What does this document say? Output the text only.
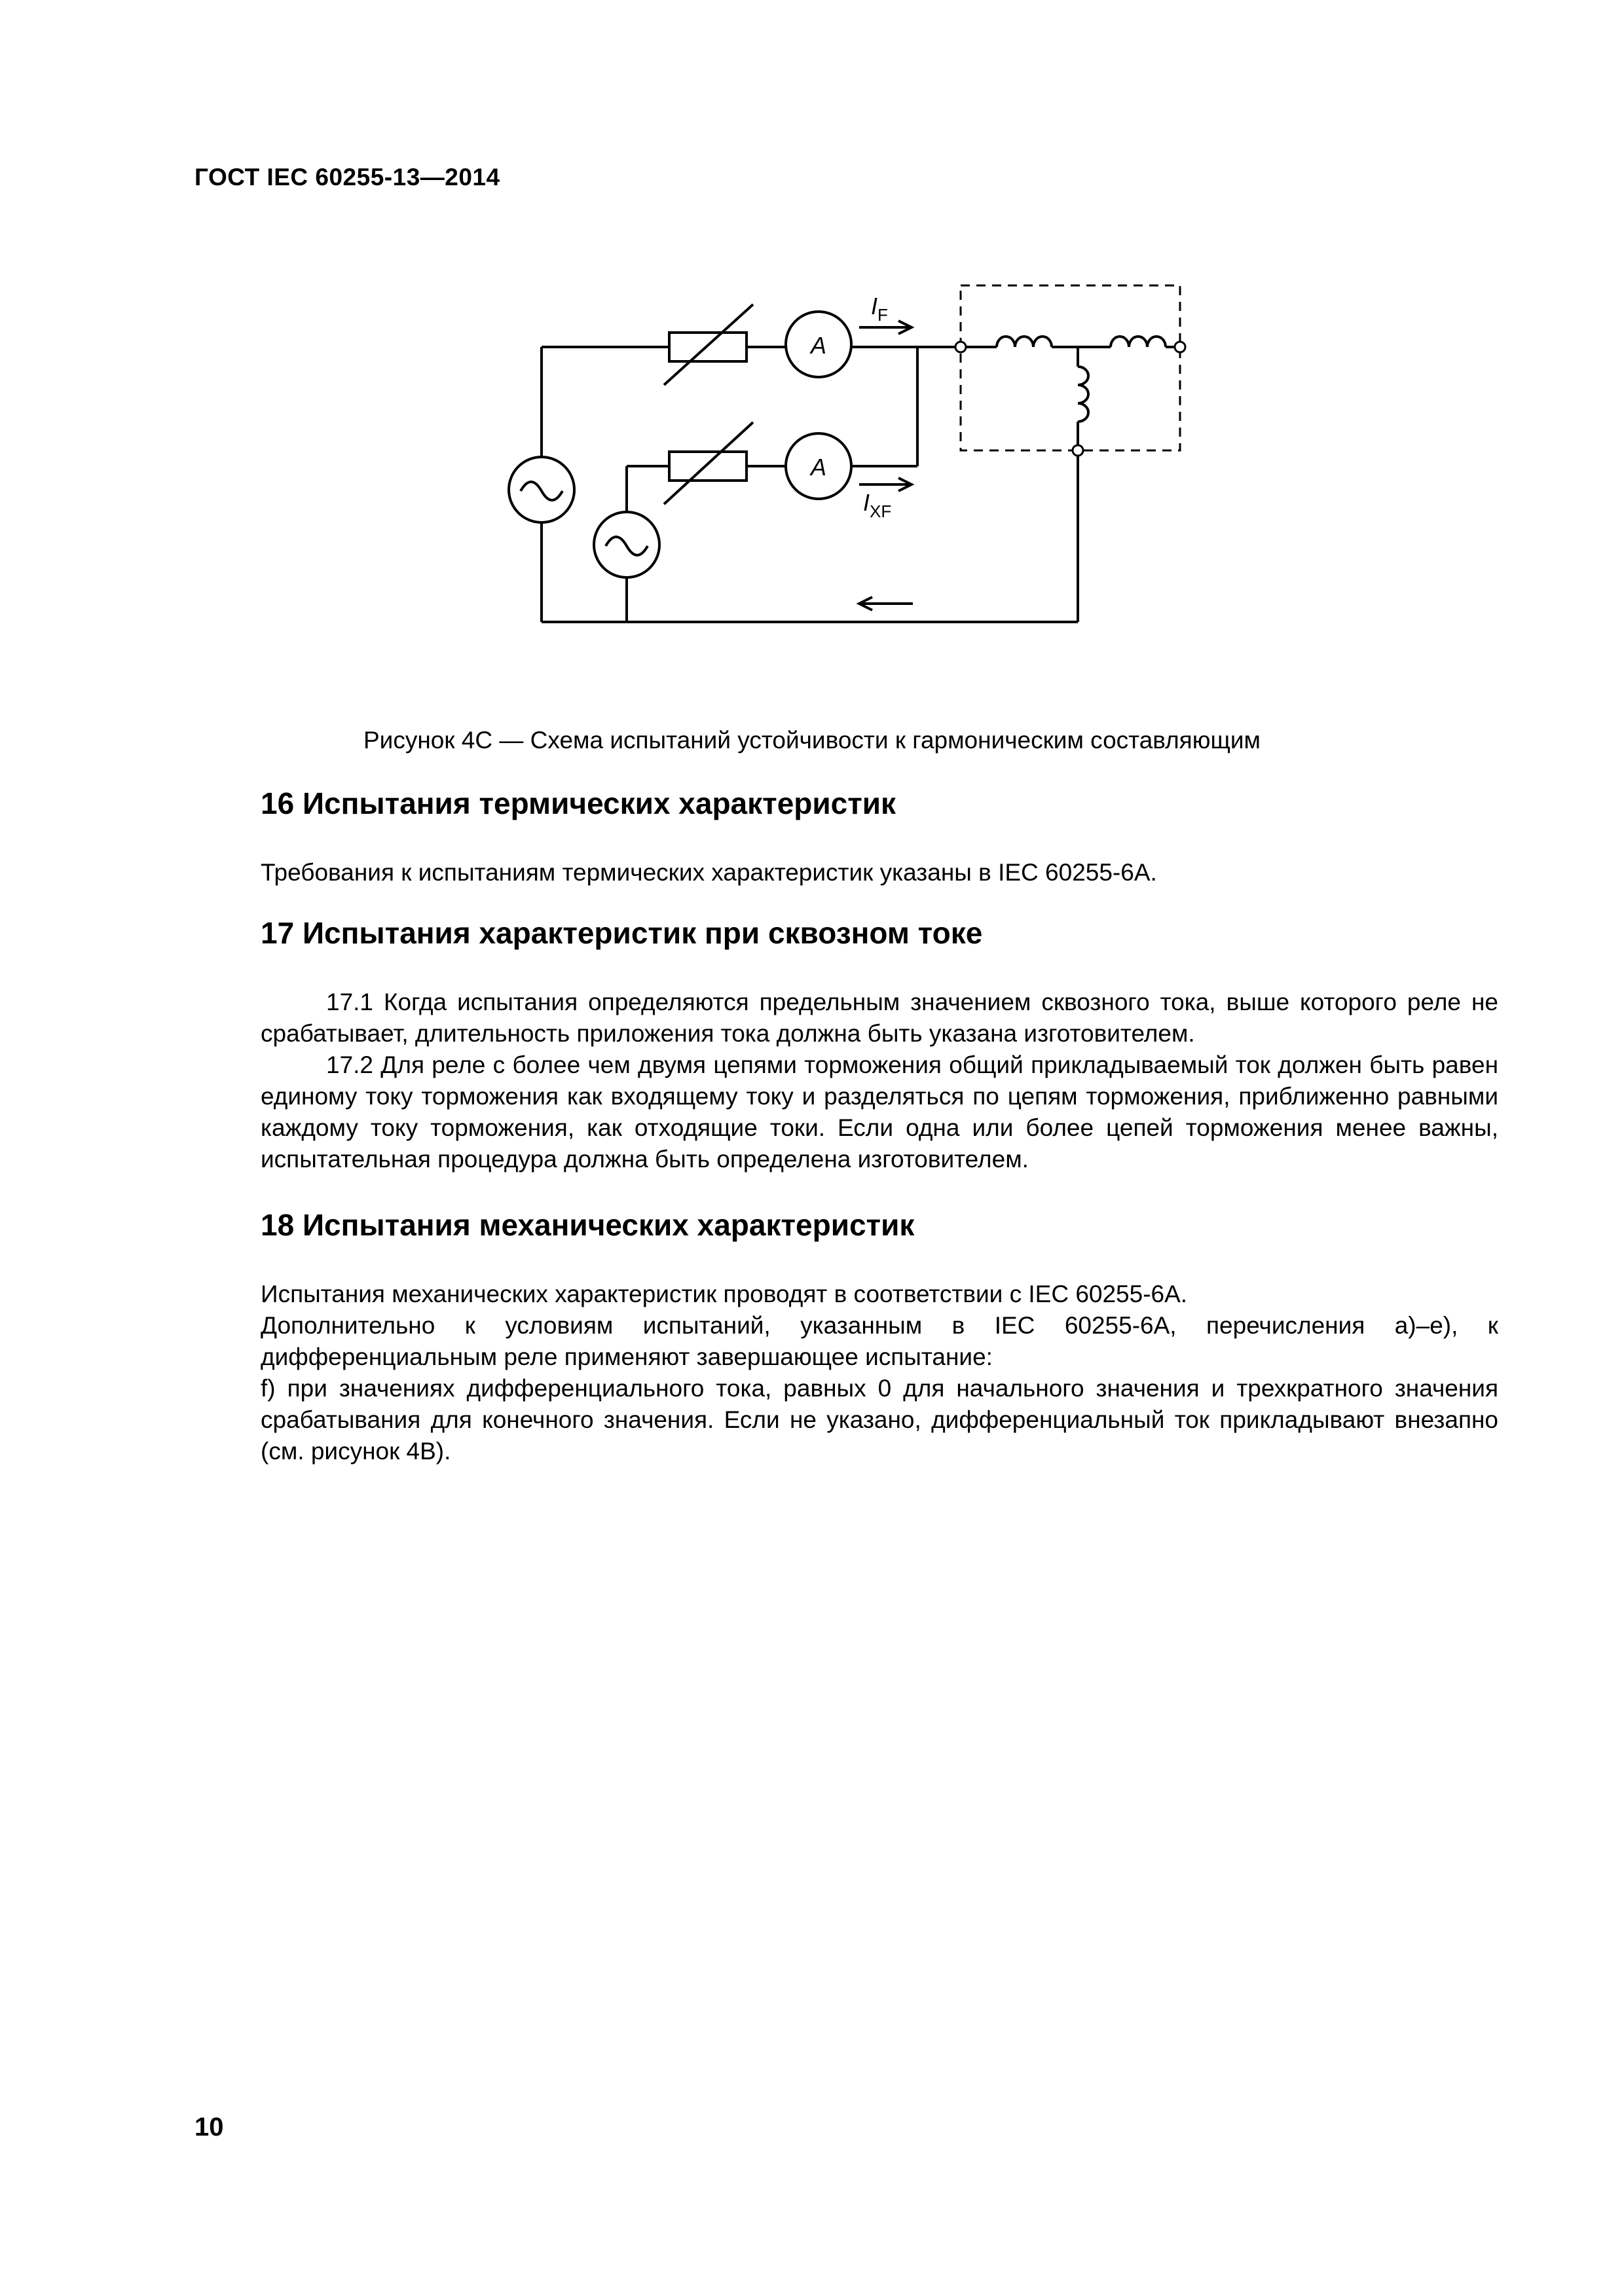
ГОСТ IEC 60255-13—2014
A
A
$I_F$
$I_{XF}$
Рисунок 4С — Схема испытаний устойчивости к гармоническим составляющим
16 Испытания термических характеристик

Требования к испытаниям термических характеристик указаны в IEC 60255-6А.

17 Испытания характеристик при сквозном токе

17.1 Когда испытания определяются предельным значением сквозного тока, выше которого реле не срабатывает, длительность приложения тока должна быть указана изготовителем.

17.2 Для реле с более чем двумя цепями торможения общий прикладываемый ток должен быть равен единому току торможения как входящему току и разделяться по цепям торможения, приближенно равными каждому току торможения, как отходящие токи. Если одна или более цепей торможения менее важны, испытательная процедура должна быть определена изготовителем.

18 Испытания механических характеристик

Испытания механических характеристик проводят в соответствии с IEC 60255-6А.

Дополнительно к условиям испытаний, указанным в IEC 60255-6А, перечисления а)–е), к дифференциальным реле применяют завершающее испытание:

f) при значениях дифференциального тока, равных 0 для начального значения и трехкратного значения срабатывания для конечного значения. Если не указано, дифференциальный ток прикладывают внезапно (см. рисунок 4В).

10
